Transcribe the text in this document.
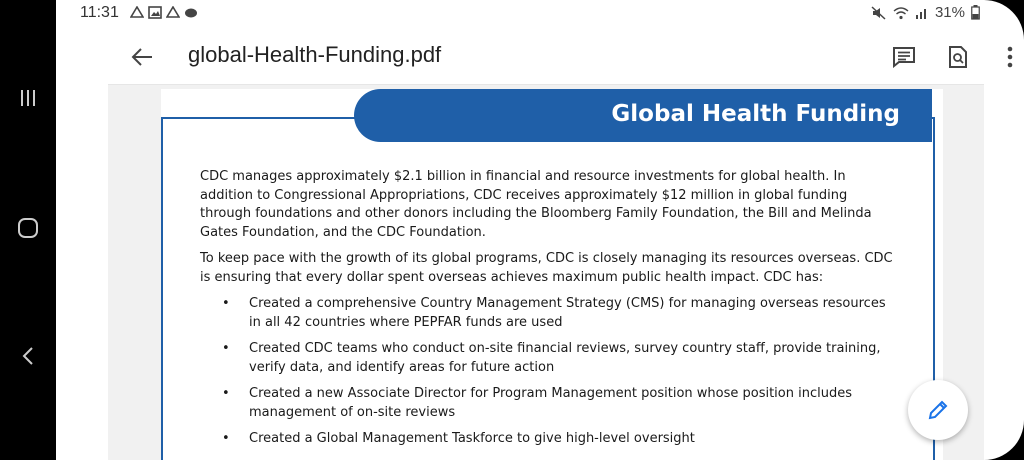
11:31	31%
global-Health-Funding.pdf
Global Health Funding

CDC manages approximately $2.1 billion in financial and resource investments for global health. In addition to Congressional Appropriations, CDC receives approximately $12 million in global funding through foundations and other donors including the Bloomberg Family Foundation, the Bill and Melinda Gates Foundation, and the CDC Foundation.

To keep pace with the growth of its global programs, CDC is closely managing its resources overseas. CDC is ensuring that every dollar spent overseas achieves maximum public health impact. CDC has:

• Created a comprehensive Country Management Strategy (CMS) for managing overseas resources in all 42 countries where PEPFAR funds are used
• Created CDC teams who conduct on-site financial reviews, survey country staff, provide training, verify data, and identify areas for future action
• Created a new Associate Director for Program Management position whose position includes management of on-site reviews
• Created a Global Management Taskforce to give high-level oversight
